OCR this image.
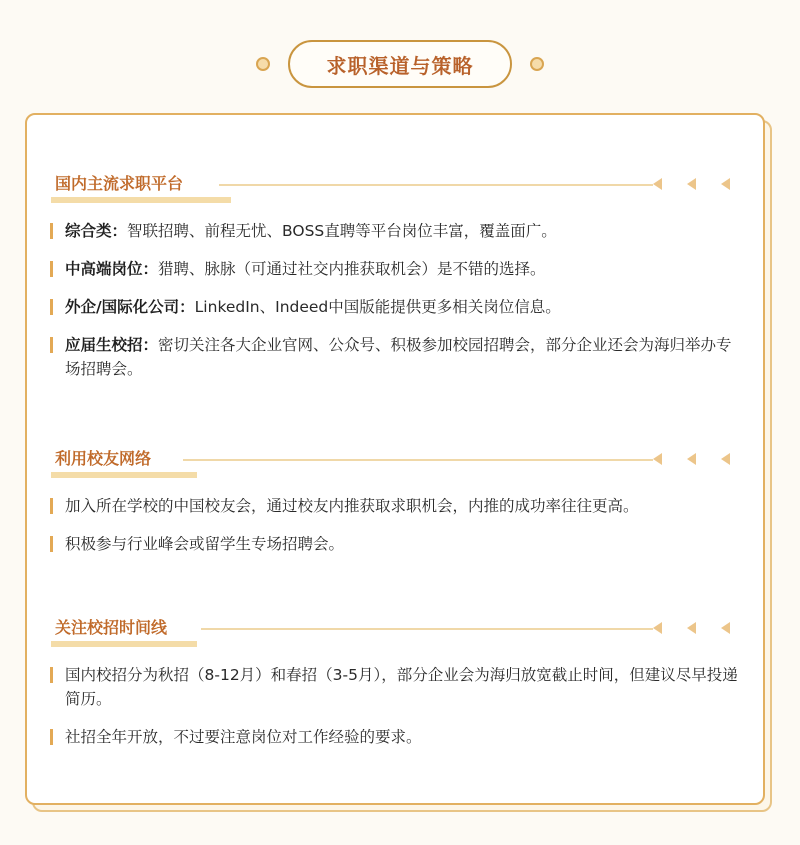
求职渠道与策略
国内主流求职平台
综合类：智联招聘、前程无忧、BOSS直聘等平台岗位丰富，覆盖面广。
中高端岗位：猎聘、脉脉（可通过社交内推获取机会）是不错的选择。
外企/国际化公司：LinkedIn、Indeed中国版能提供更多相关岗位信息。
应届生校招：密切关注各大企业官网、公众号、积极参加校园招聘会，部分企业还会为海归举办专场招聘会。
利用校友网络
加入所在学校的中国校友会，通过校友内推获取求职机会，内推的成功率往往更高。
积极参与行业峰会或留学生专场招聘会。
关注校招时间线
国内校招分为秋招（8-12月）和春招（3-5月），部分企业会为海归放宽截止时间，但建议尽早投递简历。
社招全年开放，不过要注意岗位对工作经验的要求。
